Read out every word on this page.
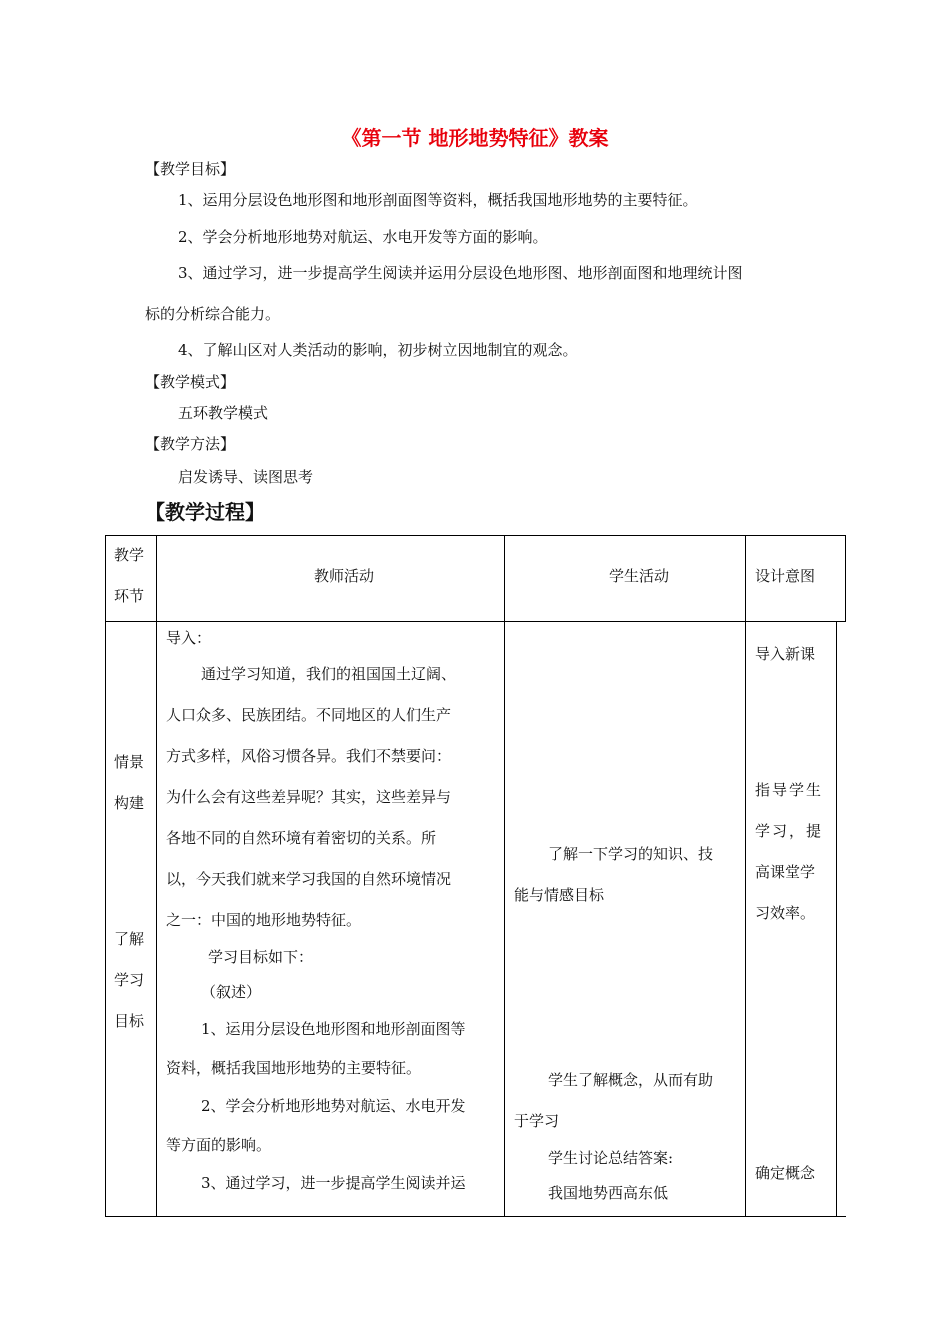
《第一节 地形地势特征》教案
【教学目标】
1、运用分层设色地形图和地形剖面图等资料，概括我国地形地势的主要特征。
2、学会分析地形地势对航运、水电开发等方面的影响。
3、通过学习，进一步提高学生阅读并运用分层设色地形图、地形剖面图和地理统计图
标的分析综合能力。
4、了解山区对人类活动的影响，初步树立因地制宜的观念。
【教学模式】
五环教学模式
【教学方法】
启发诱导、读图思考
【教学过程】
教学
环节
教师活动	学生活动	设计意图
情景
构建
了解
学习
目标
导入：
通过学习知道，我们的祖国国土辽阔、
人口众多、民族团结。不同地区的人们生产
方式多样，风俗习惯各异。我们不禁要问：
为什么会有这些差异呢？其实，这些差异与
各地不同的自然环境有着密切的关系。所
以，今天我们就来学习我国的自然环境情况
之一：中国的地形地势特征。
学习目标如下：
（叙述）
1、运用分层设色地形图和地形剖面图等
资料，概括我国地形地势的主要特征。
2、学会分析地形地势对航运、水电开发
等方面的影响。
3、通过学习，进一步提高学生阅读并运
了解一下学习的知识、技
能与情感目标
学生了解概念，从而有助
于学习
学生讨论总结答案:
我国地势西高东低
导入新课
指导学生
学习，提
高课堂学
习效率。
确定概念
